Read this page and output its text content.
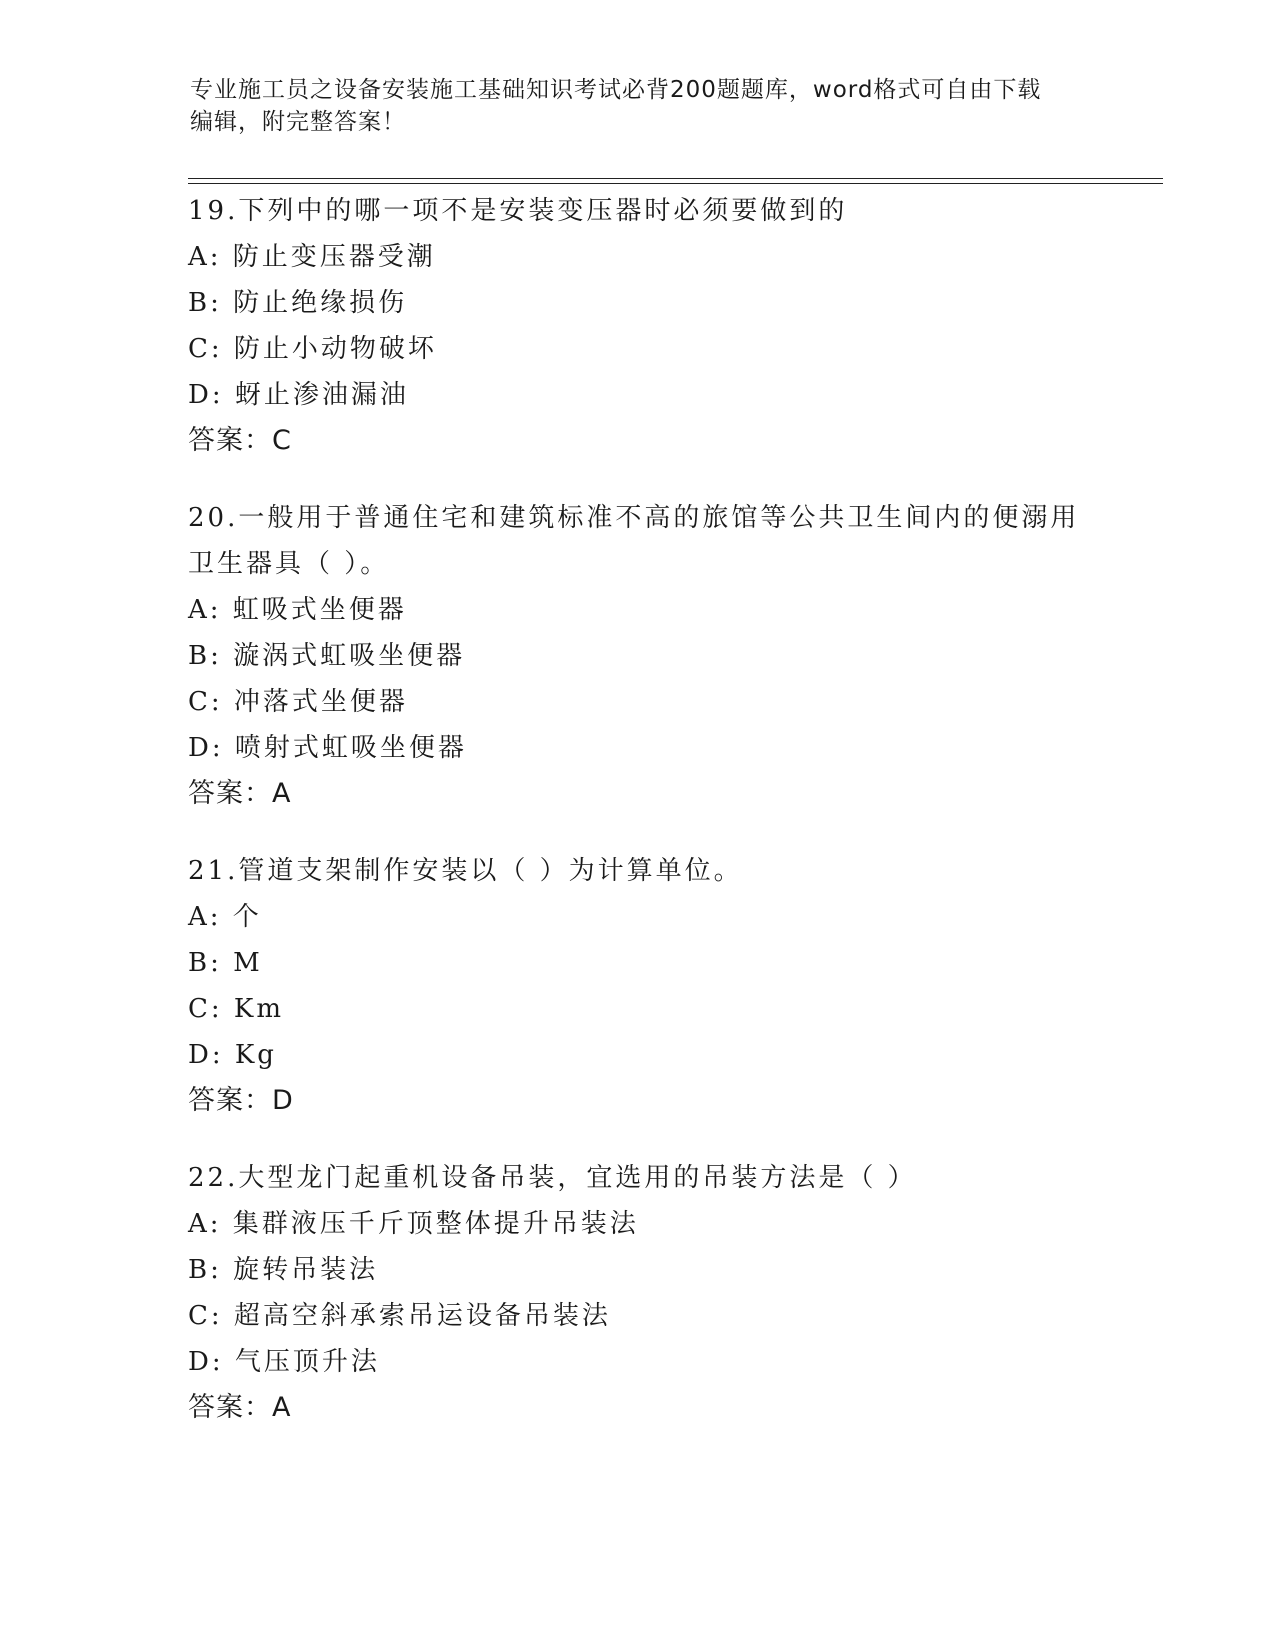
专业施工员之设备安装施工基础知识考试必背200题题库，word格式可自由下载
编辑，附完整答案！
19.下列中的哪一项不是安装变压器时必须要做到的
A: 防止变压器受潮
B: 防止绝缘损伤
C: 防止小动物破坏
D: 蚜止渗油漏油
答案：C
20.一般用于普通住宅和建筑标准不高的旅馆等公共卫生间内的便溺用卫生器具（ ）。
A: 虹吸式坐便器
B: 漩涡式虹吸坐便器
C: 冲落式坐便器
D: 喷射式虹吸坐便器
答案：A
21.管道支架制作安装以（ ）为计算单位。
A: 个
B: M
C: Km
D: Kg
答案：D
22.大型龙门起重机设备吊装，宜选用的吊装方法是（ ）
A: 集群液压千斤顶整体提升吊装法
B: 旋转吊装法
C: 超高空斜承索吊运设备吊装法
D: 气压顶升法
答案：A
